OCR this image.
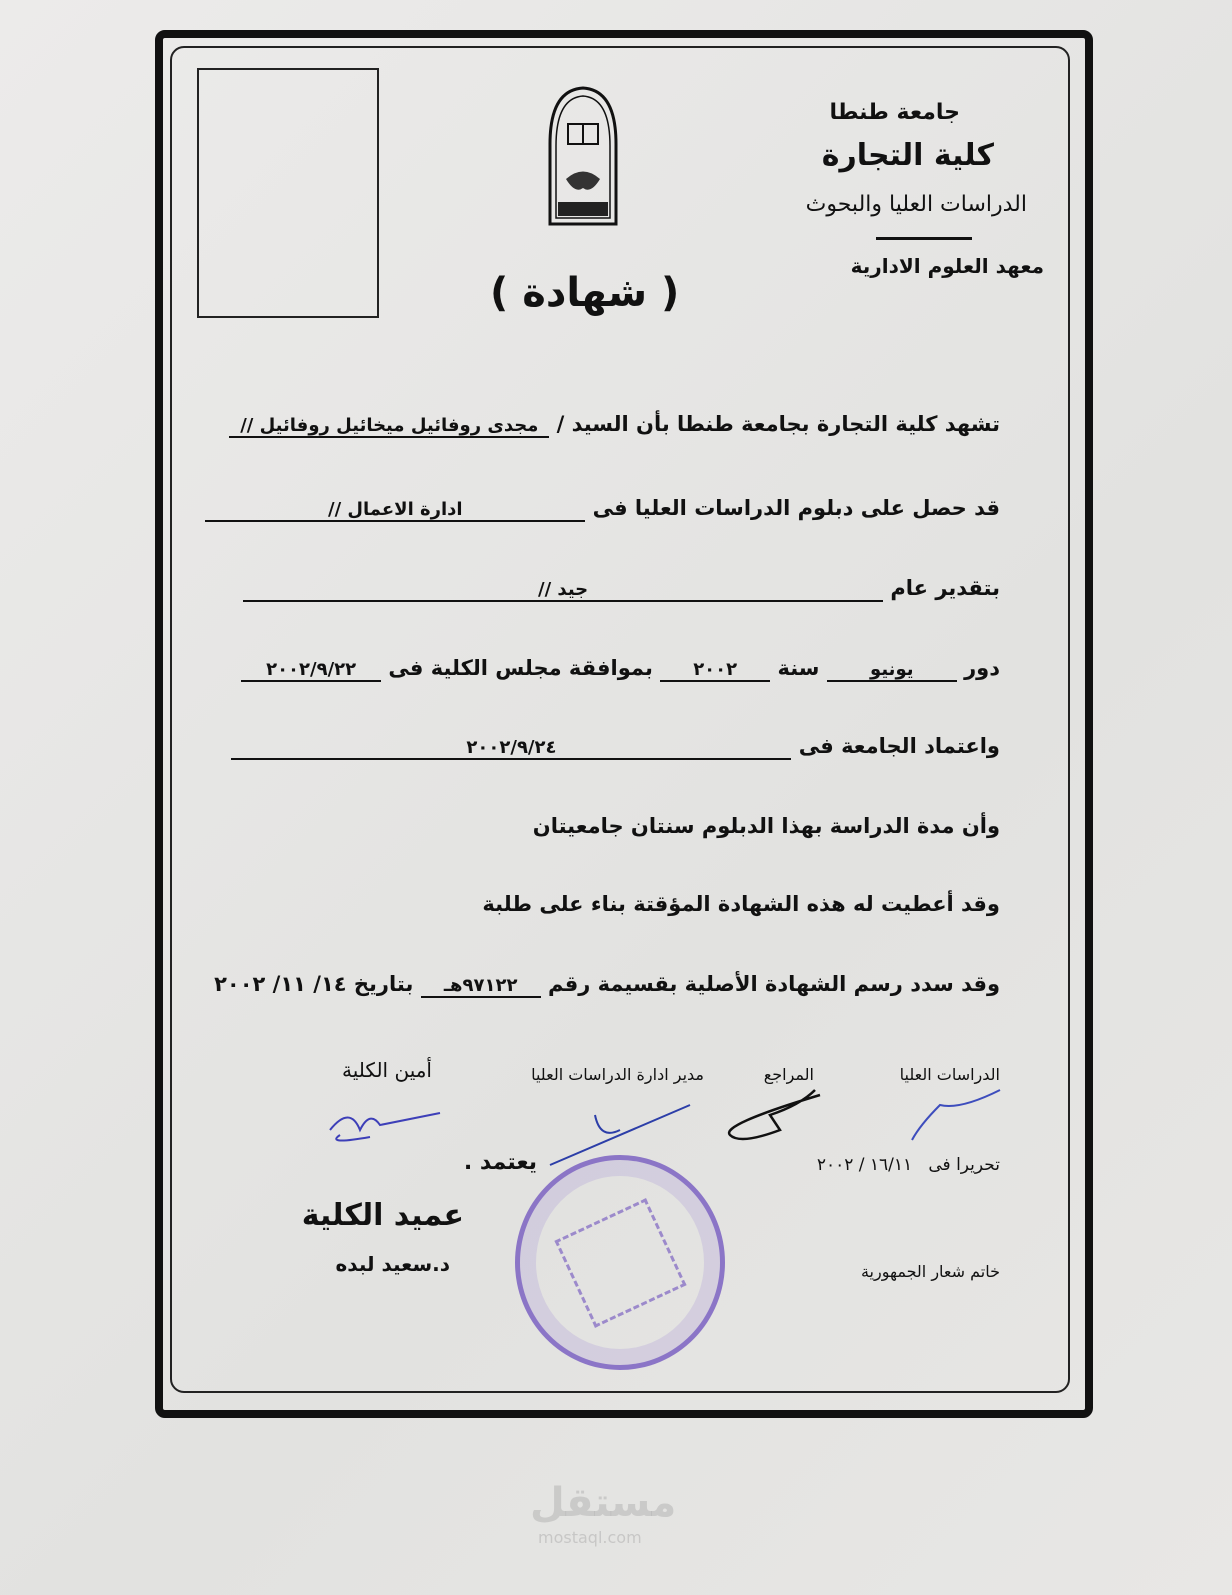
جامعة طنطا
كلية التجارة
الدراسات العليا والبحوث
معهد العلوم الادارية
( شهادة )
تشهد كلية التجارة بجامعة طنطا بأن السيد / مجدى روفائيل ميخائيل روفائيل //
قد حصل على دبلوم الدراسات العليا فى ادارة الاعمال //
بتقدير عام جيد //
دور يونيو سنة ٢٠٠٢ بموافقة مجلس الكلية فى ٢٠٠٢/٩/٢٢
واعتماد الجامعة فى ٢٠٠٢/٩/٢٤
وأن مدة الدراسة بهذا الدبلوم سنتان جامعيتان
وقد أعطيت له هذه الشهادة المؤقتة بناء على طلبة
وقد سدد رسم الشهادة الأصلية بقسيمة رقم ٩٧١٢٢هـ بتاريخ ١٤/ ١١/ ٢٠٠٢
الدراسات العليا
المراجع
مدير ادارة الدراسات العليا
أمين الكلية
تحريرا فى   ١٦/١١ / ٢٠٠٢
يعتمد .
عميد الكلية
د.سعيد لبده	خاتم شعار الجمهورية
مستقل
mostaql.com
